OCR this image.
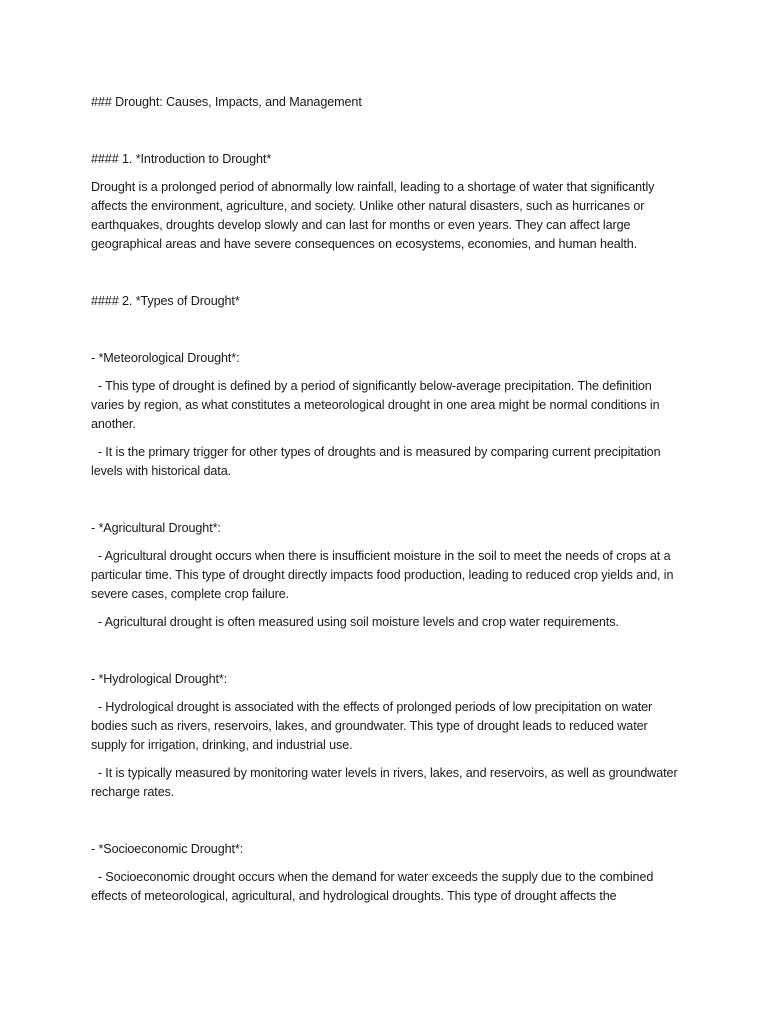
### Drought: Causes, Impacts, and Management

#### 1. *Introduction to Drought*

Drought is a prolonged period of abnormally low rainfall, leading to a shortage of water that significantly affects the environment, agriculture, and society. Unlike other natural disasters, such as hurricanes or earthquakes, droughts develop slowly and can last for months or even years. They can affect large geographical areas and have severe consequences on ecosystems, economies, and human health.

#### 2. *Types of Drought*

- *Meteorological Drought*:

- This type of drought is defined by a period of significantly below-average precipitation. The definition varies by region, as what constitutes a meteorological drought in one area might be normal conditions in another.

- It is the primary trigger for other types of droughts and is measured by comparing current precipitation levels with historical data.

- *Agricultural Drought*:

- Agricultural drought occurs when there is insufficient moisture in the soil to meet the needs of crops at a particular time. This type of drought directly impacts food production, leading to reduced crop yields and, in severe cases, complete crop failure.

- Agricultural drought is often measured using soil moisture levels and crop water requirements.

- *Hydrological Drought*:

- Hydrological drought is associated with the effects of prolonged periods of low precipitation on water bodies such as rivers, reservoirs, lakes, and groundwater. This type of drought leads to reduced water supply for irrigation, drinking, and industrial use.

- It is typically measured by monitoring water levels in rivers, lakes, and reservoirs, as well as groundwater recharge rates.

- *Socioeconomic Drought*:

- Socioeconomic drought occurs when the demand for water exceeds the supply due to the combined effects of meteorological, agricultural, and hydrological droughts. This type of drought affects the
